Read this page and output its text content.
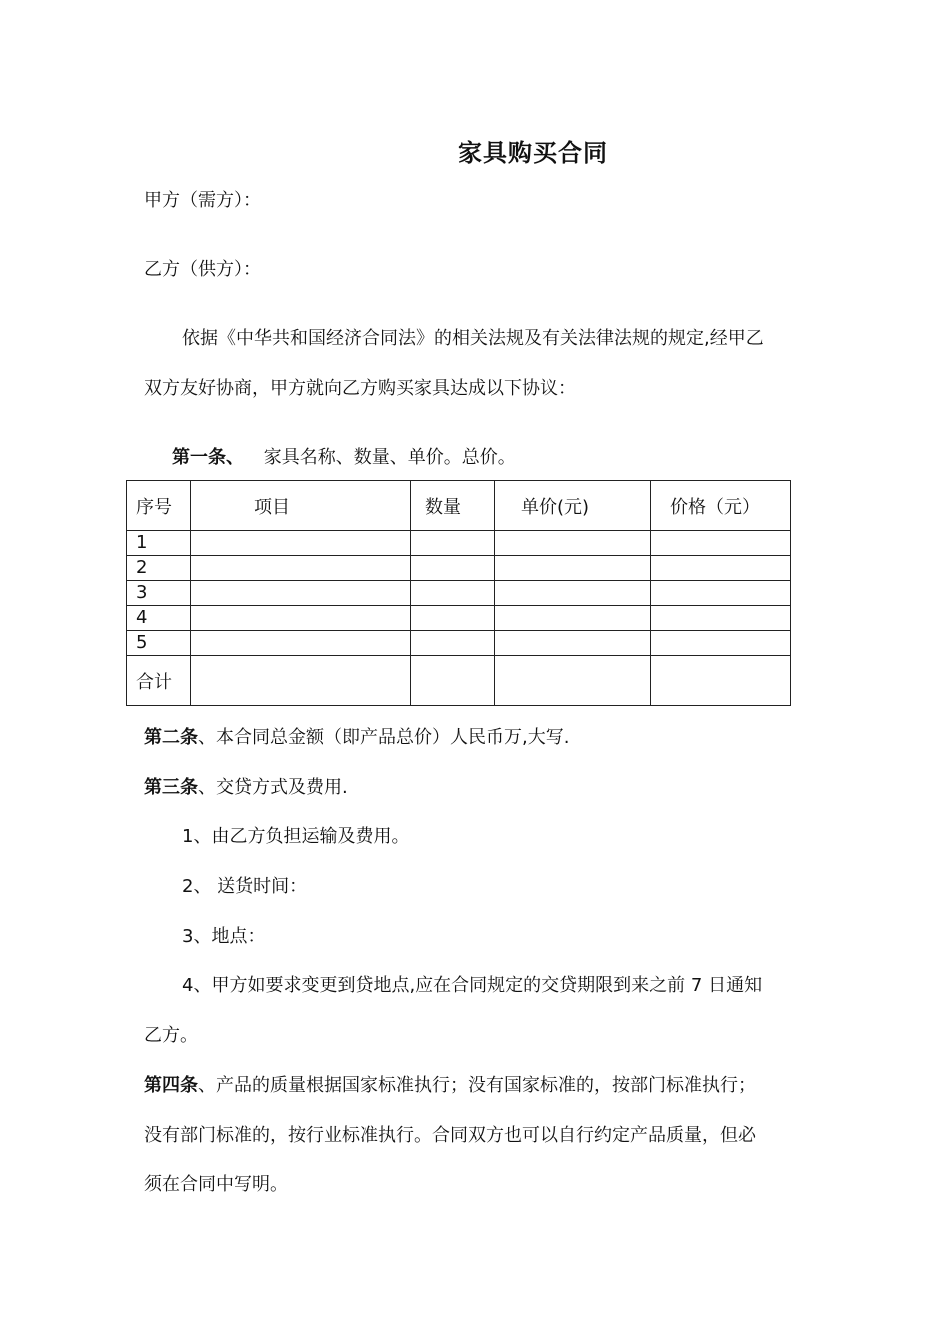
家具购买合同
甲方（需方）：
乙方（供方）：
依据《中华共和国经济合同法》的相关法规及有关法律法规的规定,经甲乙
双方友好协商，甲方就向乙方购买家具达成以下协议：
第一条、 家具名称、数量、单价。总价。
序号	项目	数量	单价(元)	价格（元）
1				
2				
3				
4				
5				
合计				
第二条、本合同总金额（即产品总价）人民币万,大写.
第三条、交贷方式及费用.
1、由乙方负担运输及费用。
2、 送货时间：
3、地点：
4、甲方如要求变更到贷地点,应在合同规定的交贷期限到来之前 7 日通知
乙方。
第四条、产品的质量根据国家标准执行；没有国家标准的，按部门标准执行；
没有部门标准的，按行业标准执行。合同双方也可以自行约定产品质量，但必
须在合同中写明。
